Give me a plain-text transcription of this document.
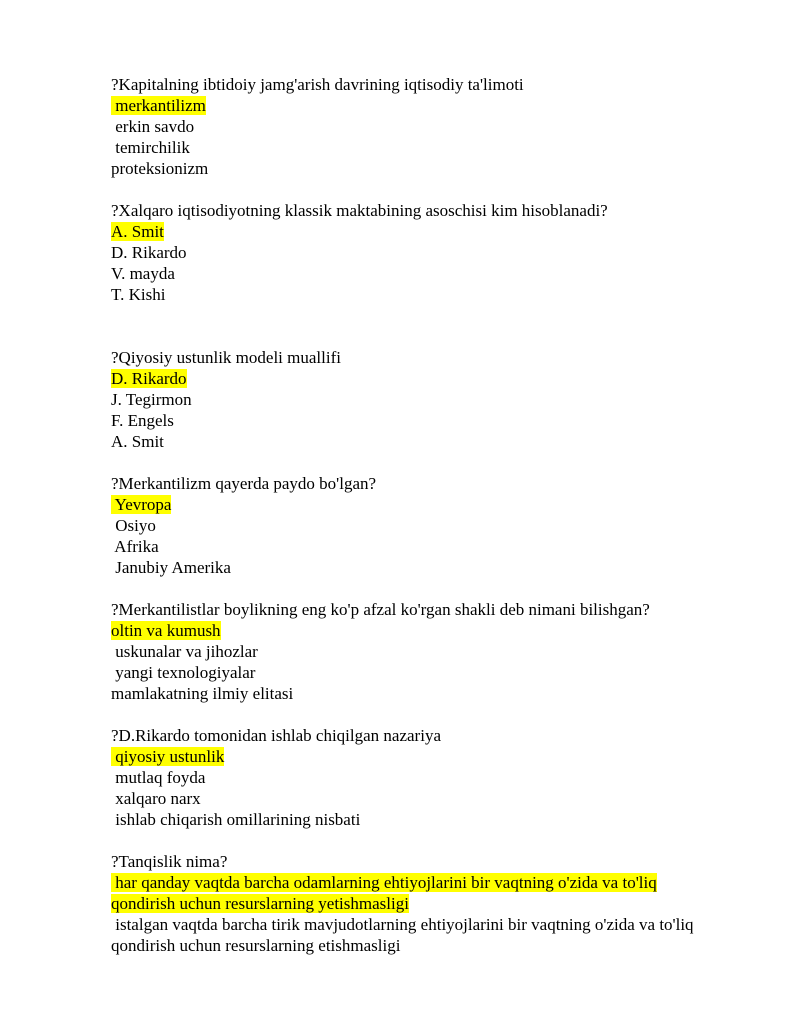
?Kapitalning ibtidoiy jamg'arish davrining iqtisodiy ta'limoti
merkantilizm
erkin savdo
temirchilik
proteksionizm
?Xalqaro iqtisodiyotning klassik maktabining asoschisi kim hisoblanadi?
A. Smit
D. Rikardo
V. mayda
T. Kishi
?Qiyosiy ustunlik modeli muallifi
D. Rikardo
J. Tegirmon
F. Engels
A. Smit
?Merkantilizm qayerda paydo bo'lgan?
Yevropa
Osiyo
Afrika
Janubiy Amerika
?Merkantilistlar boylikning eng ko'p afzal ko'rgan shakli deb nimani bilishgan?
oltin va kumush
uskunalar va jihozlar
yangi texnologiyalar
mamlakatning ilmiy elitasi
?D.Rikardo tomonidan ishlab chiqilgan nazariya
qiyosiy ustunlik
mutlaq foyda
xalqaro narx
ishlab chiqarish omillarining nisbati
?Tanqislik nima?
har qanday vaqtda barcha odamlarning ehtiyojlarini bir vaqtning o'zida va to'liq
qondirish uchun resurslarning yetishmasligi
istalgan vaqtda barcha tirik mavjudotlarning ehtiyojlarini bir vaqtning o'zida va to'liq
qondirish uchun resurslarning etishmasligi
